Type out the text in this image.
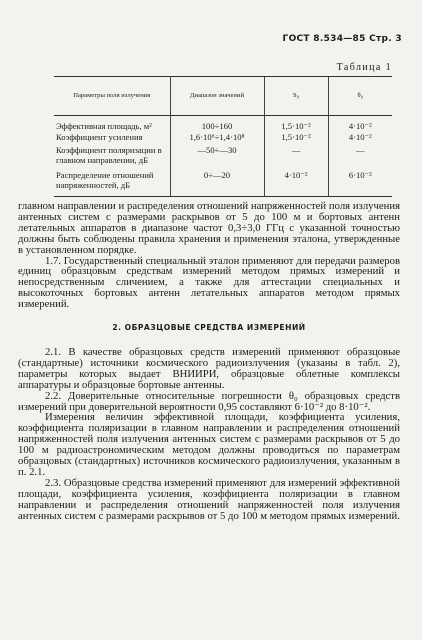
ГОСТ 8.534—85 Стр. 3
Таблица 1
Параметры поля излучения	Диапазон значений	S₀	θ₀
Эффективная площадь, м²	100÷160	1,5·10⁻²	4·10⁻²
Коэффициент усиления	1,6·10⁶÷1,4·10⁸	1,5·10⁻²	4·10⁻²
Коэффициент поляризации в главном направлении, дБ	—50÷—30	—	—
Распределение отношений напряженностей, дБ	0÷—20	4·10⁻²	6·10⁻²

главном направлении и распределения отношений напряженностей поля излучения антенных систем с размерами раскрывов от 5 до 100 м и бортовых антенн летательных аппаратов в диапазоне частот 0,3÷3,0 ГГц с указанной точностью должны быть соблюдены правила хранения и применения эталона, утвержденные в установленном порядке.

1.7. Государственный специальный эталон применяют для передачи размеров единиц образцовым средствам измерений методом прямых измерений и непосредственным сличением, а также для аттестации специальных и высокоточных бортовых антенн летательных аппаратов методом прямых измерений.

2. ОБРАЗЦОВЫЕ СРЕДСТВА ИЗМЕРЕНИЙ

2.1. В качестве образцовых средств измерений применяют образцовые (стандартные) источники космического радиоизлучения (указаны в табл. 2), параметры которых выдает ВНИИРИ, образцовые облетные комплексы аппаратуры и образцовые бортовые антенны.

2.2. Доверительные относительные погрешности θ₀ образцовых средств измерений при доверительной вероятности 0,95 составляют 6·10⁻² до 8·10⁻².

Измерения величин эффективной площади, коэффициента усиления, коэффициента поляризации в главном направлении и распределения отношений напряженностей поля излучения антенных систем с размерами раскрывов от 5 до 100 м радиоастрономическим методом должны проводиться по параметрам образцовых (стандартных) источников космического радиоизлучения, указанным в п. 2.1.

2.3. Образцовые средства измерений применяют для измерений эффективной площади, коэффициента усиления, коэффициента поляризации в главном направлении и распределения отношений напряженностей поля излучения антенных систем с размерами раскрывов от 5 до 100 м методом прямых измерений.
